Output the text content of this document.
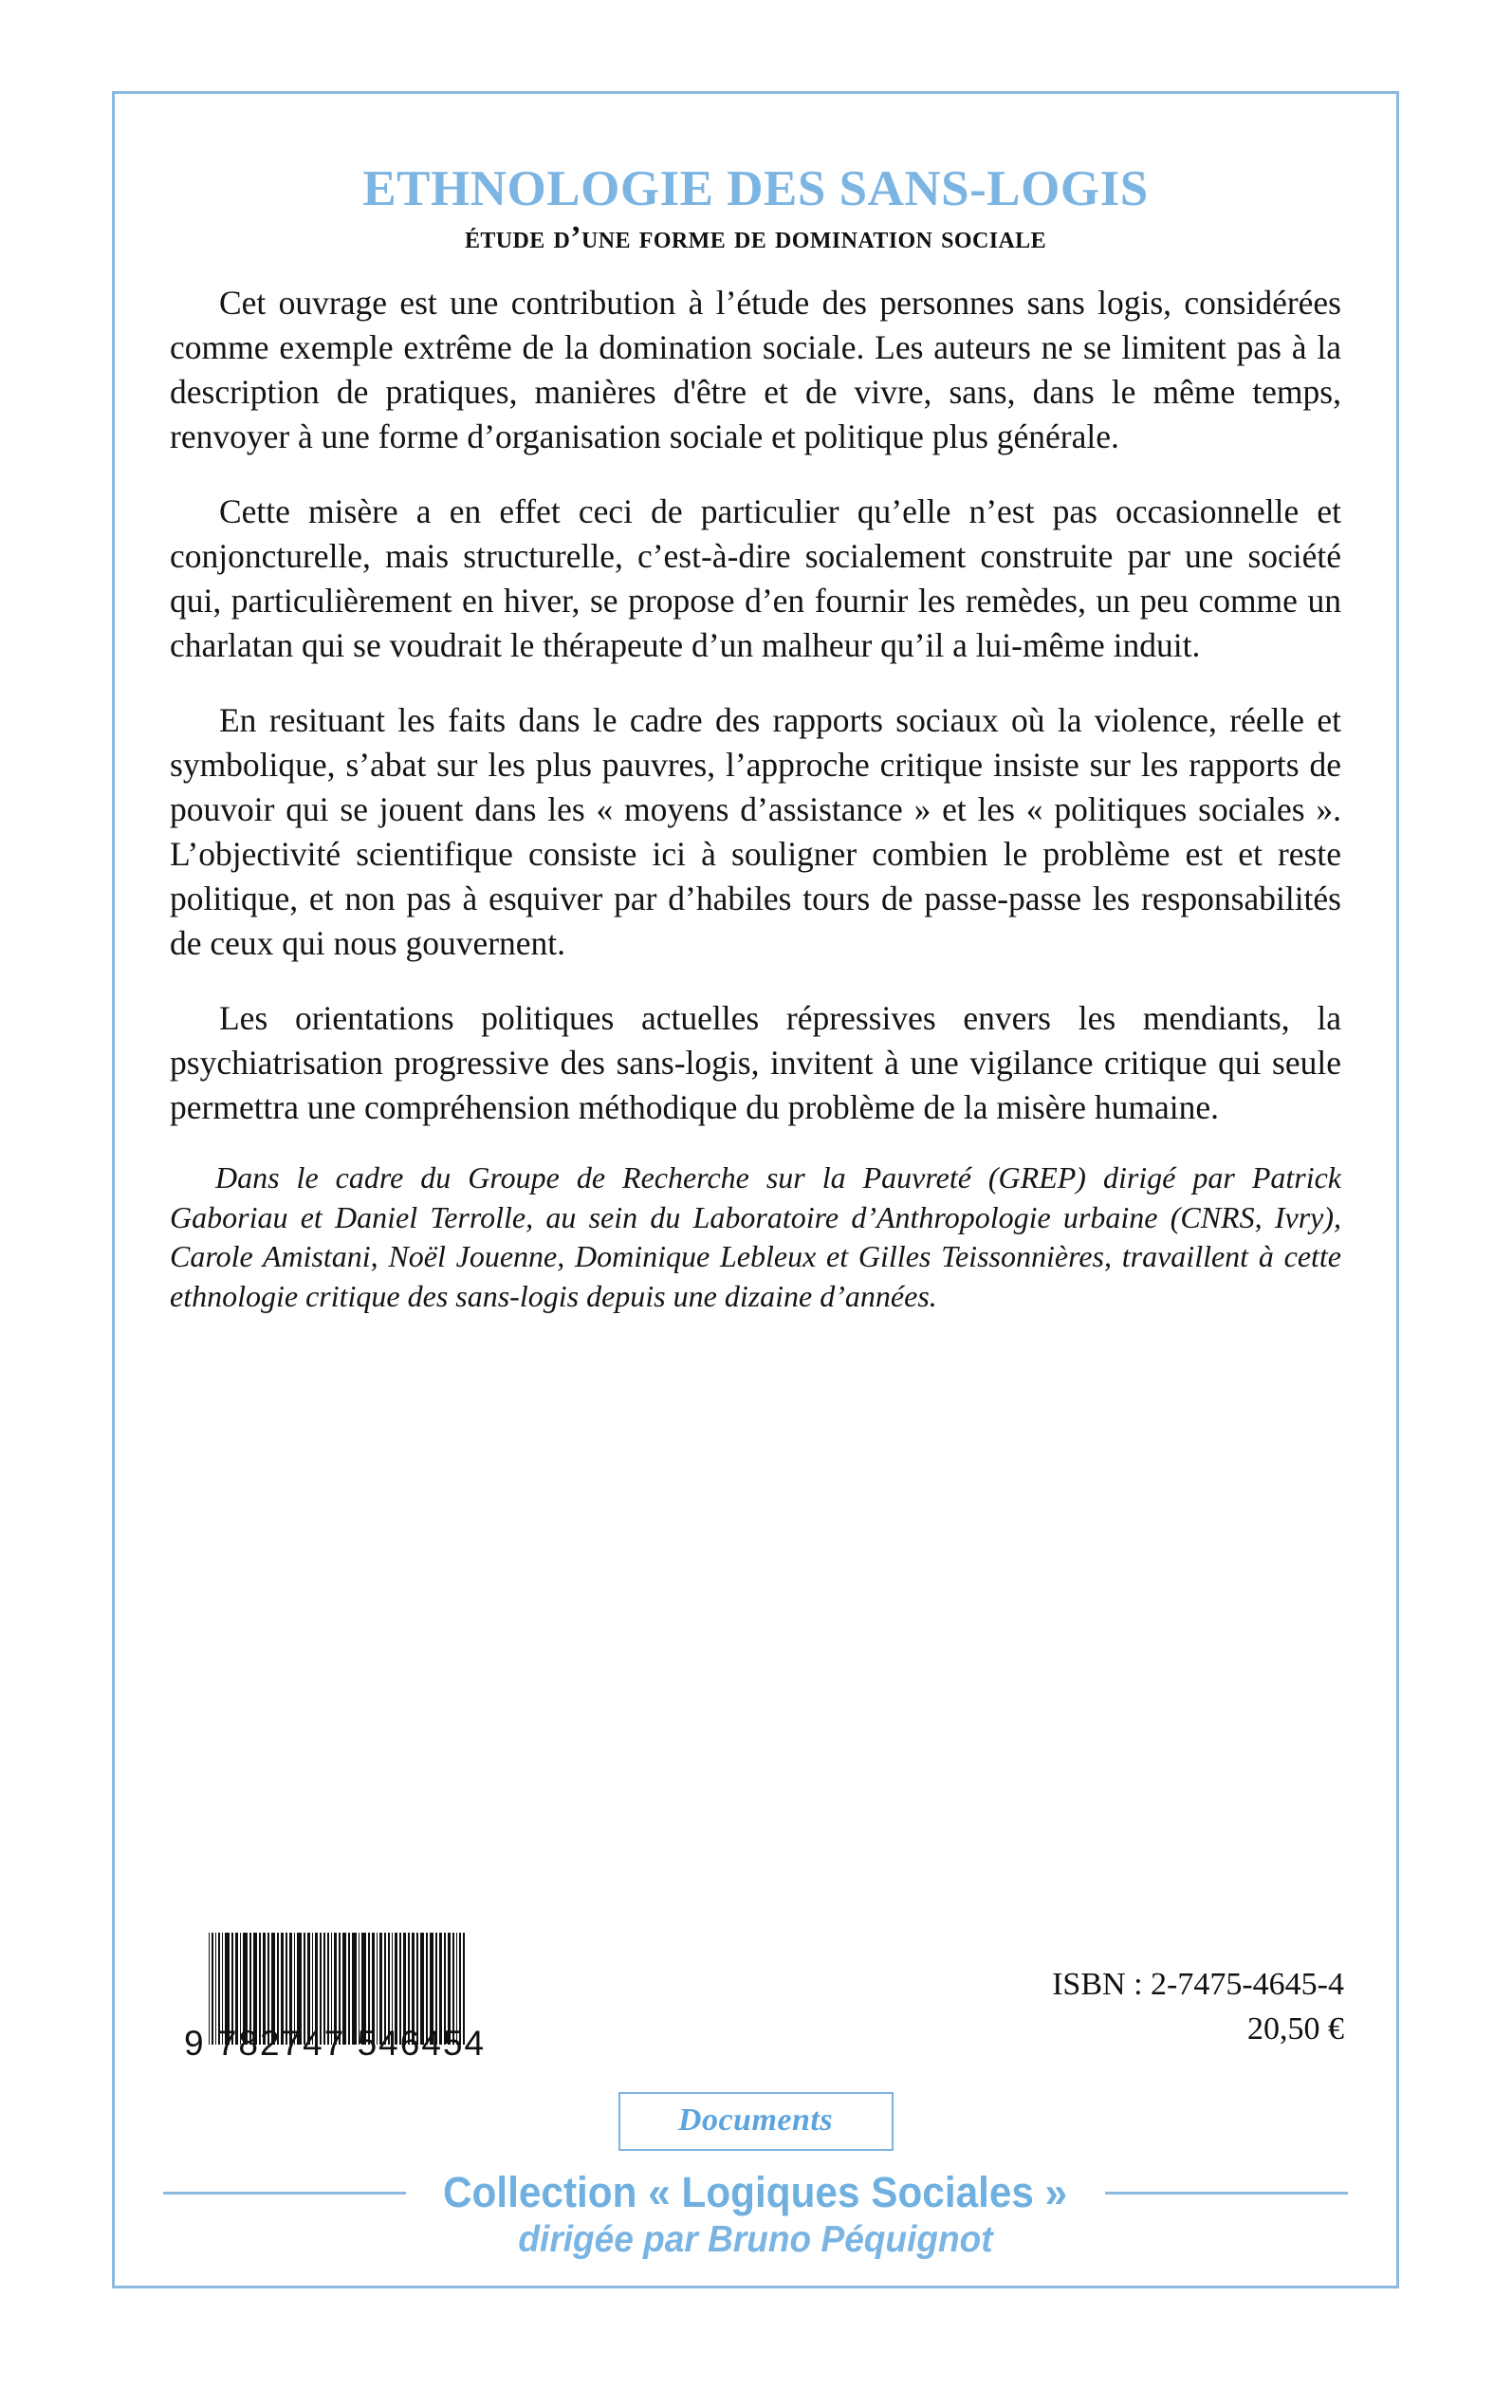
ETHNOLOGIE DES SANS-LOGIS
étude d’une forme de domination sociale

Cet ouvrage est une contribution à l’étude des personnes sans logis, considérées comme exemple extrême de la domination sociale. Les auteurs ne se limitent pas à la description de pratiques, manières d'être et de vivre, sans, dans le même temps, renvoyer à une forme d’organisation sociale et politique plus générale.

Cette misère a en effet ceci de particulier qu’elle n’est pas occasionnelle et conjoncturelle, mais structurelle, c’est-à-dire socialement construite par une société qui, particulièrement en hiver, se propose d’en fournir les remèdes, un peu comme un charlatan qui se voudrait le thérapeute d’un malheur qu’il a lui-même induit.

En resituant les faits dans le cadre des rapports sociaux où la violence, réelle et symbolique, s’abat sur les plus pauvres, l’approche critique insiste sur les rapports de pouvoir qui se jouent dans les « moyens d’assistance » et les « politiques sociales ». L’objectivité scientifique consiste ici à souligner combien le problème est et reste politique, et non pas à esquiver par d’habiles tours de passe-passe les responsabilités de ceux qui nous gouvernent.

Les orientations politiques actuelles répressives envers les mendiants, la psychiatrisation progressive des sans-logis, invitent à une vigilance critique qui seule permettra une compréhension méthodique du problème de la misère humaine.

Dans le cadre du Groupe de Recherche sur la Pauvreté (GREP) dirigé par Patrick Gaboriau et Daniel Terrolle, au sein du Laboratoire d’Anthropologie urbaine (CNRS, Ivry), Carole Amistani, Noël Jouenne, Dominique Lebleux et Gilles Teissonnières, travaillent à cette ethnologie critique des sans-logis depuis une dizaine d’années.

9 782747 546454
ISBN : 2-7475-4645-4
20,50 €
Documents
Collection « Logiques Sociales »
dirigée par Bruno Péquignot
